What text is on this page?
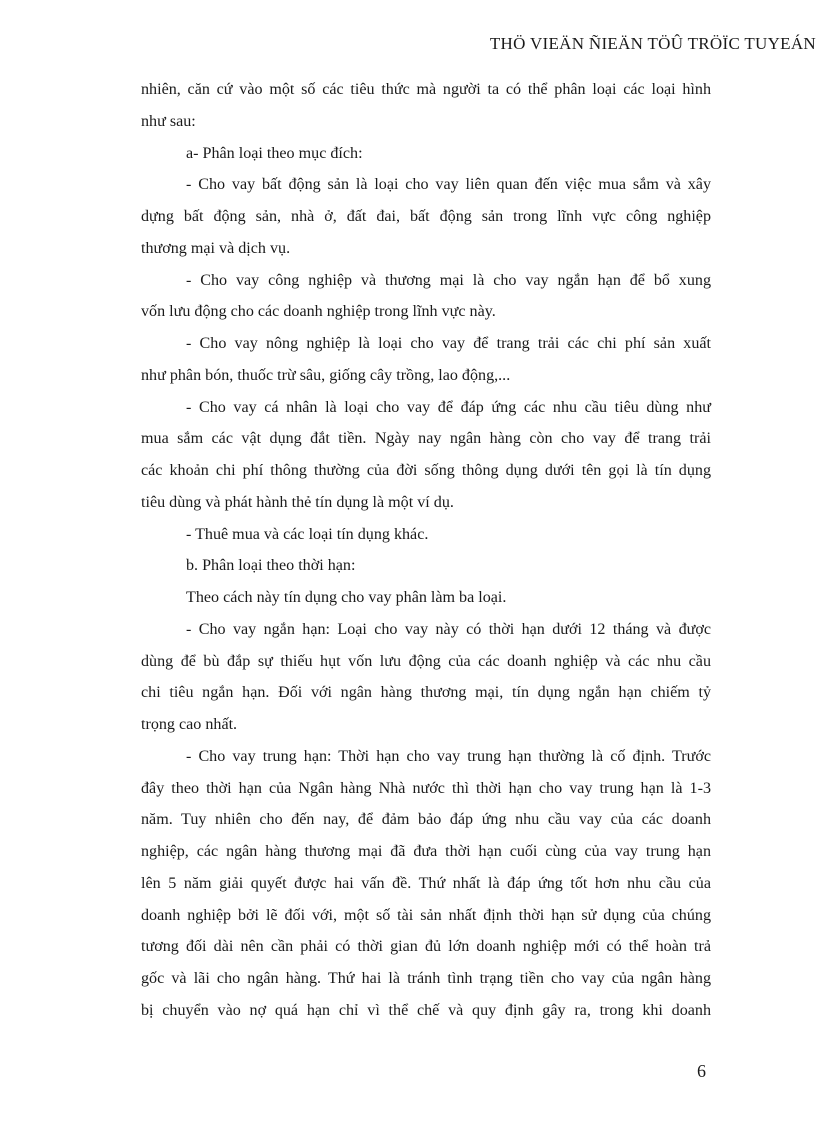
THÖ VIEÄN ÑIEÄN TÖÛ TRÖÏC TUYEÁN
nhiên, căn cứ vào một số các tiêu thức mà người ta có thể phân loại các loại hình
như sau:
a- Phân loại theo mục đích:
- Cho vay bất động sản là loại cho vay liên quan đến việc mua sắm và xây
dựng bất động sản, nhà ở, đất đai, bất động sản trong lĩnh vực công nghiệp
thương mại và dịch vụ.
- Cho vay công nghiệp và thương mại là cho vay ngắn hạn để bổ xung
vốn lưu động cho các doanh nghiệp trong lĩnh vực này.
- Cho vay nông nghiệp là loại cho vay để trang trải các chi phí sản xuất
như phân bón, thuốc trừ sâu, giống cây trồng, lao động,...
- Cho vay cá nhân là loại cho vay để đáp ứng các nhu cầu tiêu dùng như
mua sắm các vật dụng đắt tiền. Ngày nay ngân hàng còn cho vay để trang trải
các khoản chi phí thông thường của đời sống thông dụng dưới tên gọi là tín dụng
tiêu dùng và phát hành thẻ tín dụng là một ví dụ.
- Thuê mua và các loại tín dụng khác.
b. Phân loại theo thời hạn:
Theo cách này tín dụng cho vay phân làm ba loại.
- Cho vay ngắn hạn: Loại cho vay này có thời hạn dưới 12 tháng và được
dùng để bù đắp sự thiếu hụt vốn lưu động của các doanh nghiệp và các nhu cầu
chi tiêu ngắn hạn. Đối với ngân hàng thương mại, tín dụng ngắn hạn chiếm tỷ
trọng cao nhất.
- Cho vay trung hạn: Thời hạn cho vay trung hạn thường là cố định. Trước
đây theo thời hạn của Ngân hàng Nhà nước thì thời hạn cho vay trung hạn là 1-3
năm. Tuy nhiên cho đến nay, để đảm bảo đáp ứng nhu cầu vay của các doanh
nghiệp, các ngân hàng thương mại đã đưa thời hạn cuối cùng của vay trung hạn
lên 5 năm giải quyết được hai vấn đề. Thứ nhất là đáp ứng tốt hơn nhu cầu của
doanh nghiệp bởi lẽ đối với, một số tài sản nhất định thời hạn sử dụng của chúng
tương đối dài nên cần phải có thời gian đủ lớn doanh nghiệp mới có thể hoàn trả
gốc và lãi cho ngân hàng. Thứ hai là tránh tình trạng tiền cho vay của ngân hàng
bị chuyển vào nợ quá hạn chỉ vì thể chế và quy định gây ra, trong khi doanh
6
